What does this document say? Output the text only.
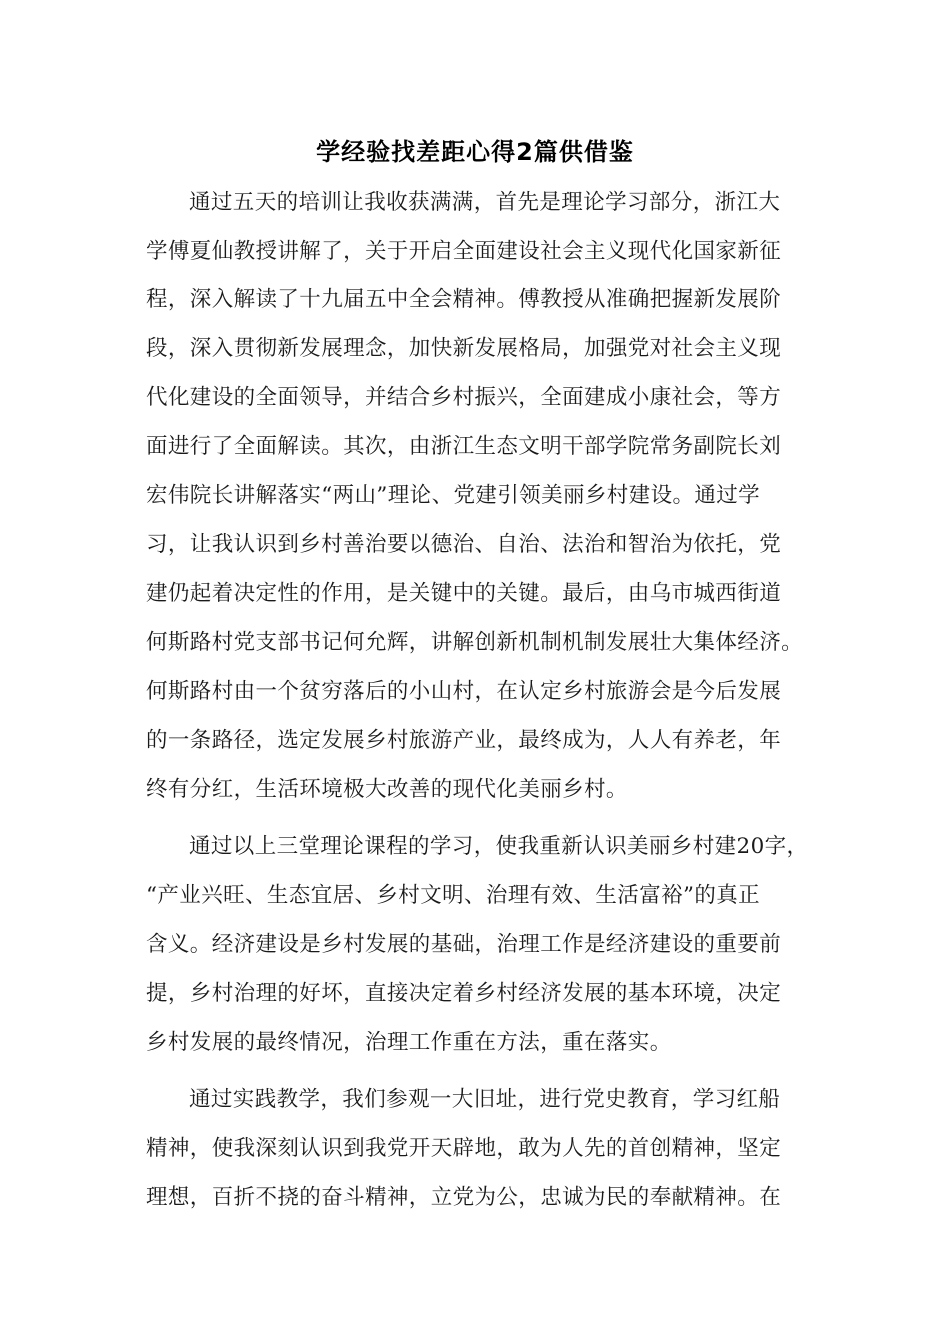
学经验找差距心得2篇供借鉴
通过五天的培训让我收获满满，首先是理论学习部分，浙江大
学傅夏仙教授讲解了，关于开启全面建设社会主义现代化国家新征
程，深入解读了十九届五中全会精神。傅教授从准确把握新发展阶
段，深入贯彻新发展理念，加快新发展格局，加强党对社会主义现
代化建设的全面领导，并结合乡村振兴，全面建成小康社会，等方
面进行了全面解读。其次，由浙江生态文明干部学院常务副院长刘
宏伟院长讲解落实“两山”理论、党建引领美丽乡村建设。通过学
习，让我认识到乡村善治要以德治、自治、法治和智治为依托，党
建仍起着决定性的作用，是关键中的关键。最后，由乌市城西街道
何斯路村党支部书记何允辉，讲解创新机制机制发展壮大集体经济。
何斯路村由一个贫穷落后的小山村，在认定乡村旅游会是今后发展
的一条路径，选定发展乡村旅游产业，最终成为，人人有养老，年
终有分红，生活环境极大改善的现代化美丽乡村。
通过以上三堂理论课程的学习，使我重新认识美丽乡村建20字，
“产业兴旺、生态宜居、乡村文明、治理有效、生活富裕”的真正
含义。经济建设是乡村发展的基础，治理工作是经济建设的重要前
提，乡村治理的好坏，直接决定着乡村经济发展的基本环境，决定
乡村发展的最终情况，治理工作重在方法，重在落实。
通过实践教学，我们参观一大旧址，进行党史教育，学习红船
精神，使我深刻认识到我党开天辟地，敢为人先的首创精神，坚定
理想，百折不挠的奋斗精神，立党为公，忠诚为民的奉献精神。在
